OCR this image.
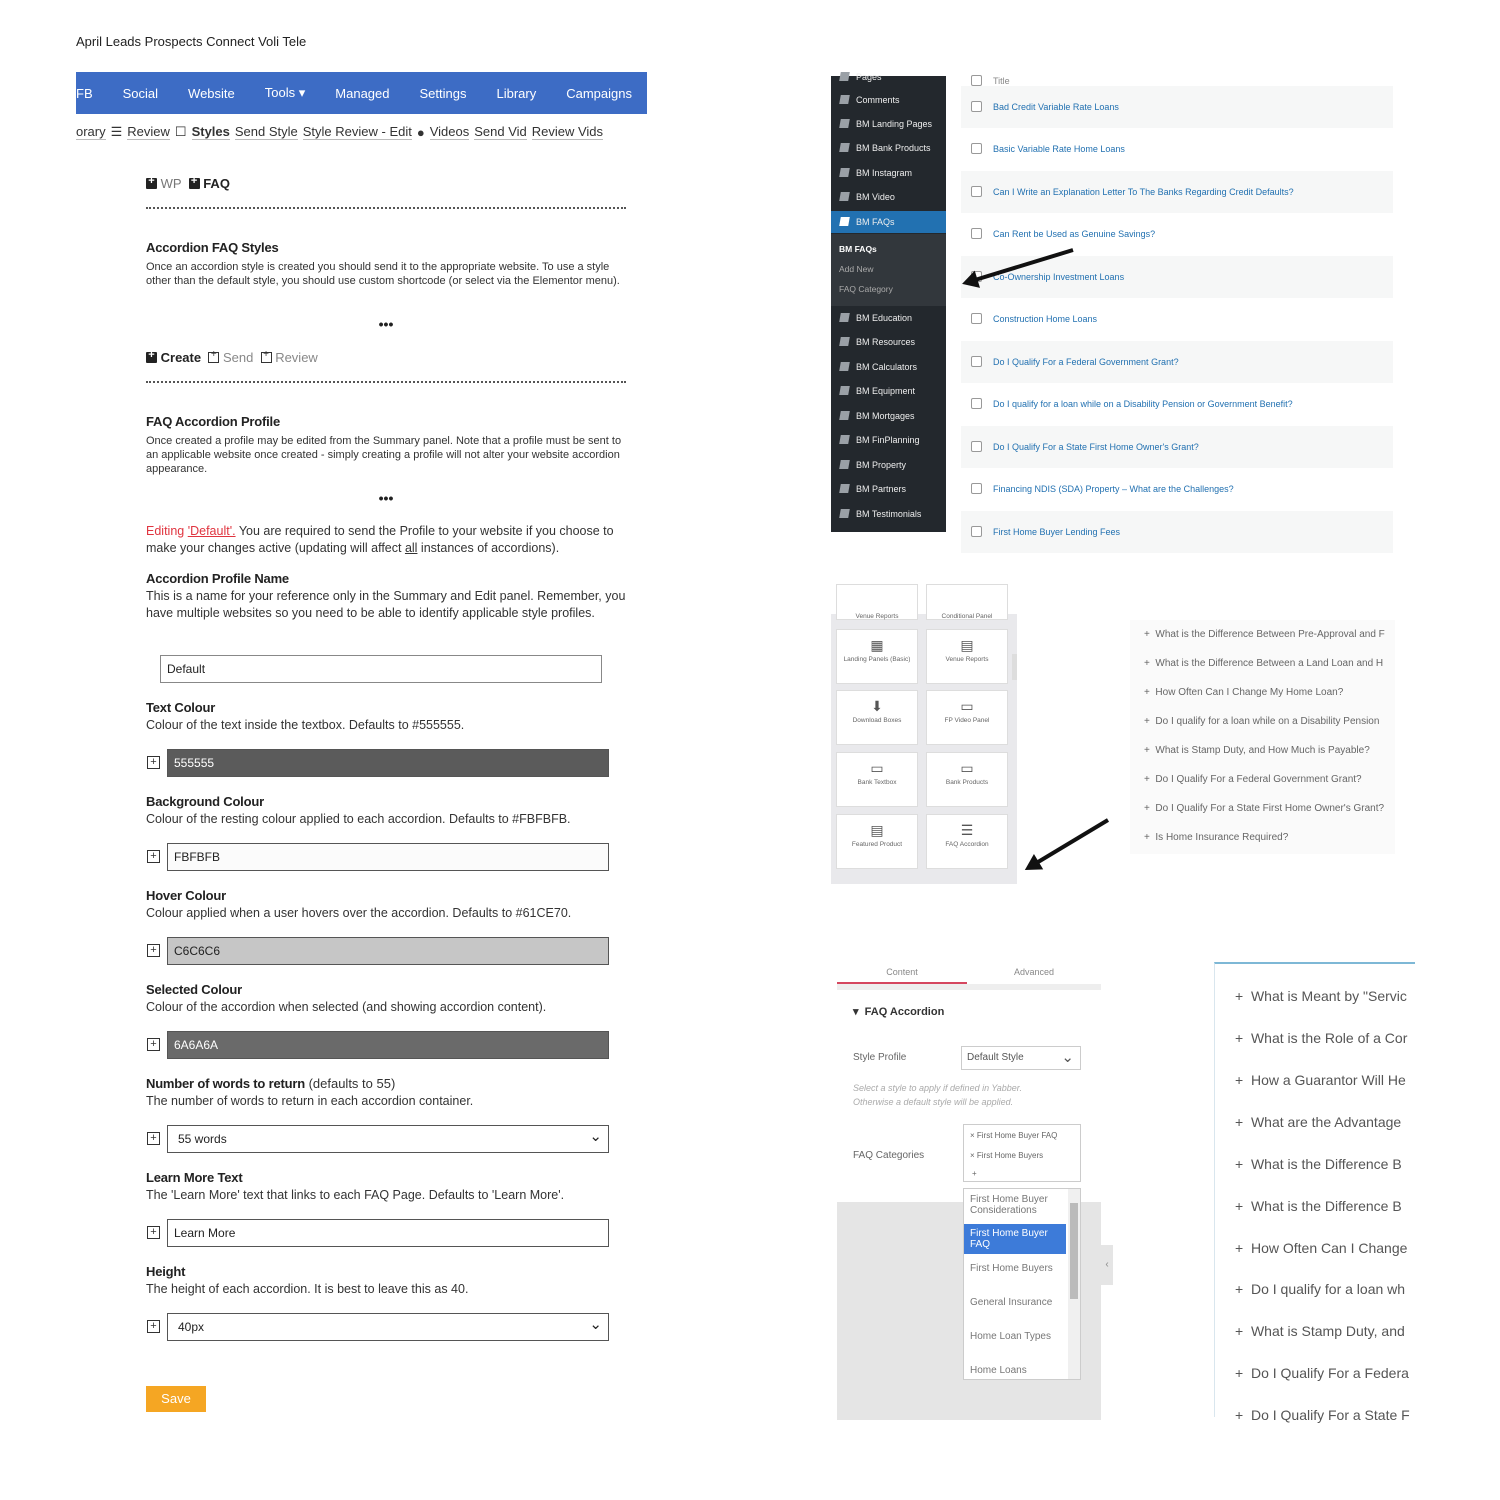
April Leads Prospects Connect Voli Tele
FB	Social	Website	Tools ▾	Managed	Settings	Library	Campaigns
orary ☰ Review ☐ Styles Send Style Style Review - Edit ● Videos Send Vid Review Vids
+ WP + FAQ
Accordion FAQ Styles
Once an accordion style is created you should send it to the appropriate website. To use a style other than the default style, you should use custom shortcode (or select via the Elementor menu).
•••
+ Create + Send + Review
FAQ Accordion Profile
Once created a profile may be edited from the Summary panel. Note that a profile must be sent to an applicable website once created - simply creating a profile will not alter your website accordion appearance.
•••
Editing 'Default'. You are required to send the Profile to your website if you choose to make your changes active (updating will affect all instances of accordions).
Accordion Profile Name
This is a name for your reference only in the Summary and Edit panel. Remember, you have multiple websites so you need to be able to identify applicable style profiles.
Default
Text Colour
Colour of the text inside the textbox. Defaults to #555555.
+	555555
Background Colour
Colour of the resting colour applied to each accordion. Defaults to #FBFBFB.
+	FBFBFB
Hover Colour
Colour applied when a user hovers over the accordion. Defaults to #61CE70.
+	C6C6C6
Selected Colour
Colour of the accordion when selected (and showing accordion content).
+	6A6A6A
Number of words to return (defaults to 55)
The number of words to return in each accordion container.
+	55 words ⌄
Learn More Text
The 'Learn More' text that links to each FAQ Page. Defaults to 'Learn More'.
+	Learn More
Height
The height of each accordion. It is best to leave this as 40.
+	40px ⌄
Save
Pages
Comments
BM Landing Pages
BM Bank Products
BM Instagram
BM Video
BM FAQs
BM FAQs
Add New
FAQ Category
BM Education
BM Resources
BM Calculators
BM Equipment
BM Mortgages
BM FinPlanning
BM Property
BM Partners
BM Testimonials
Title
Bad Credit Variable Rate Loans
Basic Variable Rate Home Loans
Can I Write an Explanation Letter To The Banks Regarding Credit Defaults?
Can Rent be Used as Genuine Savings?
Co-Ownership Investment Loans
Construction Home Loans
Do I Qualify For a Federal Government Grant?
Do I qualify for a loan while on a Disability Pension or Government Benefit?
Do I Qualify For a State First Home Owner's Grant?
Financing NDIS (SDA) Property – What are the Challenges?
First Home Buyer Lending Fees
Venue Reports	Conditional Panel
▦
Landing Panels (Basic)
▤
Venue Reports
⬇
Download Boxes
▭
FP Video Panel
▭
Bank Textbox
▭
Bank Products
▤
Featured Product
☰
FAQ Accordion
+  What is the Difference Between Pre-Approval and F
+  What is the Difference Between a Land Loan and H
+  How Often Can I Change My Home Loan?
+  Do I qualify for a loan while on a Disability Pension
+  What is Stamp Duty, and How Much is Payable?
+  Do I Qualify For a Federal Government Grant?
+  Do I Qualify For a State First Home Owner's Grant?
+  Is Home Insurance Required?
Content	Advanced
▾  FAQ Accordion
Style Profile	Default Style ⌄
Select a style to apply if defined in Yabber. Otherwise a default style will be applied.
FAQ Categories
× First Home Buyer FAQ
× First Home Buyers
+
First Home Buyer Considerations
First Home Buyer FAQ
First Home Buyers
General Insurance
Home Loan Types
Home Loans
‹
+  What is Meant by "Servic
+  What is the Role of a Cor
+  How a Guarantor Will He
+  What are the Advantage
+  What is the Difference B
+  What is the Difference B
+  How Often Can I Change
+  Do I qualify for a loan wh
+  What is Stamp Duty, and
+  Do I Qualify For a Federa
+  Do I Qualify For a State F
